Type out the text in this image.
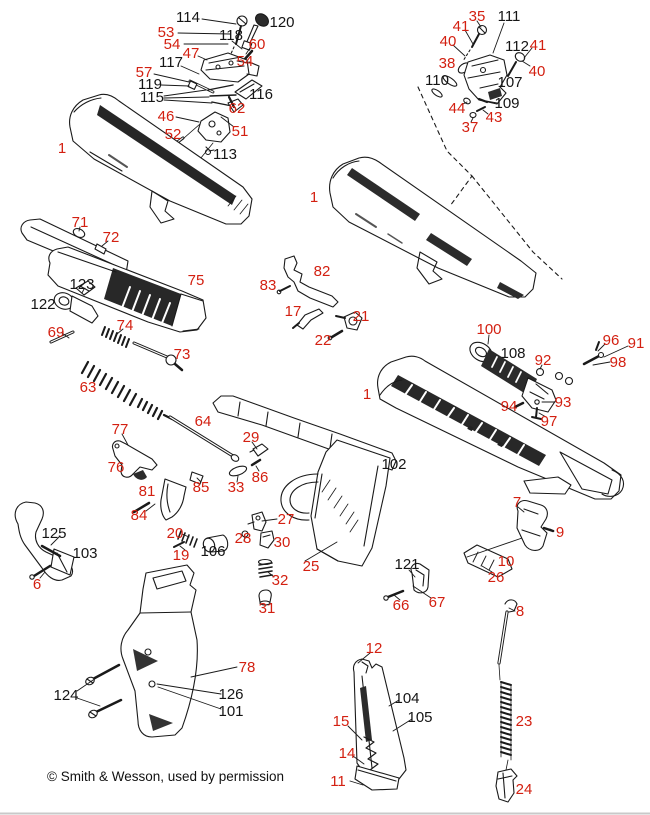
114	120
53
54
118
60
47
117	54
57
119
115	116
62
46
51
52
113
1
35 111
41
40	112 41
38	40
110	107
109
44
43
37
1
71
72
75
123
122
69	74
73
82
83
17	21
22
100
108 92
96 91
98
94 93
97
1
102
63
64
77
76
29
86
85 33
81
84	27
20	28 30
19 106
25
32
31
125
103
6
78
124	126
101
7
9
10
26
121
66 67
8
23
24
12
104
105
15
14
11
© Smith & Wesson, used by permission
